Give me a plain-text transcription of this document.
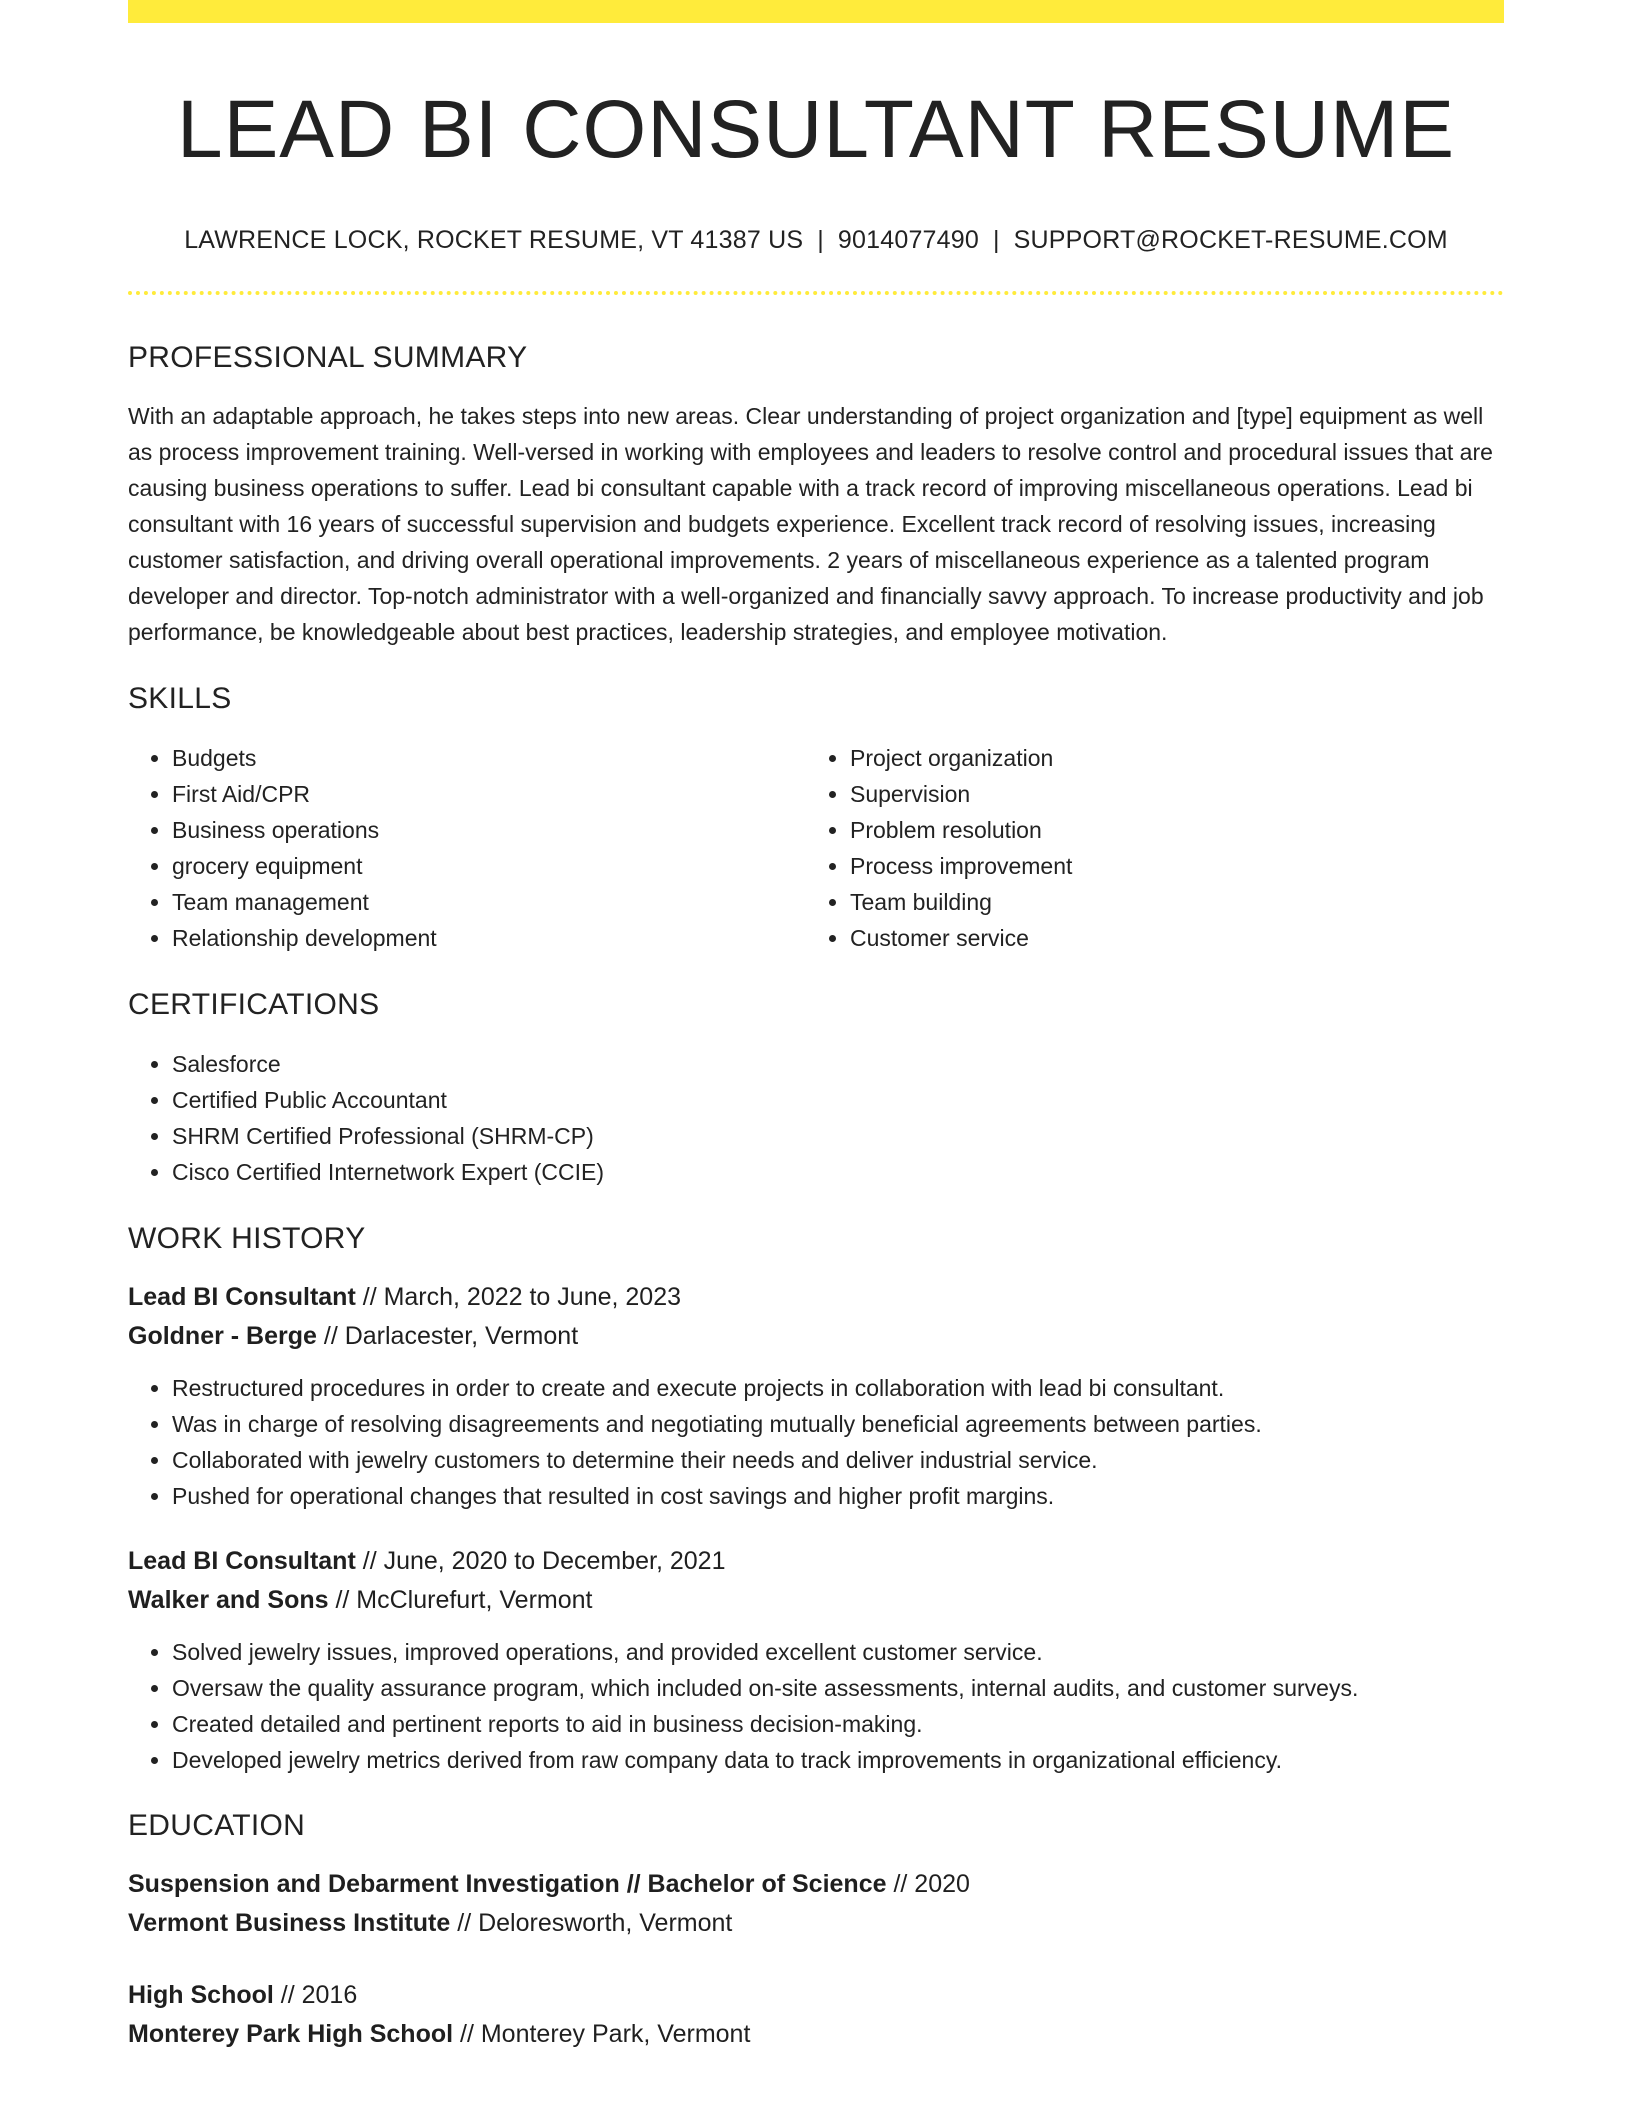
LEAD BI CONSULTANT RESUME
LAWRENCE LOCK, ROCKET RESUME, VT 41387 US | 9014077490 | SUPPORT@ROCKET-RESUME.COM
PROFESSIONAL SUMMARY

With an adaptable approach, he takes steps into new areas. Clear understanding of project organization and [type] equipment as well as process improvement training. Well-versed in working with employees and leaders to resolve control and procedural issues that are causing business operations to suffer. Lead bi consultant capable with a track record of improving miscellaneous operations. Lead bi consultant with 16 years of successful supervision and budgets experience. Excellent track record of resolving issues, increasing customer satisfaction, and driving overall operational improvements. 2 years of miscellaneous experience as a talented program developer and director. Top-notch administrator with a well-organized and financially savvy approach. To increase productivity and job performance, be knowledgeable about best practices, leadership strategies, and employee motivation.

SKILLS
• Budgets
• First Aid/CPR
• Business operations
• grocery equipment
• Team management
• Relationship development
• Project organization
• Supervision
• Problem resolution
• Process improvement
• Team building
• Customer service
CERTIFICATIONS
• Salesforce
• Certified Public Accountant
• SHRM Certified Professional (SHRM-CP)
• Cisco Certified Internetwork Expert (CCIE)
WORK HISTORY
Lead BI Consultant // March, 2022 to June, 2023
Goldner - Berge // Darlacester, Vermont
• Restructured procedures in order to create and execute projects in collaboration with lead bi consultant.
• Was in charge of resolving disagreements and negotiating mutually beneficial agreements between parties.
• Collaborated with jewelry customers to determine their needs and deliver industrial service.
• Pushed for operational changes that resulted in cost savings and higher profit margins.
Lead BI Consultant // June, 2020 to December, 2021
Walker and Sons // McClurefurt, Vermont
• Solved jewelry issues, improved operations, and provided excellent customer service.
• Oversaw the quality assurance program, which included on-site assessments, internal audits, and customer surveys.
• Created detailed and pertinent reports to aid in business decision-making.
• Developed jewelry metrics derived from raw company data to track improvements in organizational efficiency.
EDUCATION
Suspension and Debarment Investigation // Bachelor of Science // 2020
Vermont Business Institute // Deloresworth, Vermont
High School // 2016
Monterey Park High School // Monterey Park, Vermont
